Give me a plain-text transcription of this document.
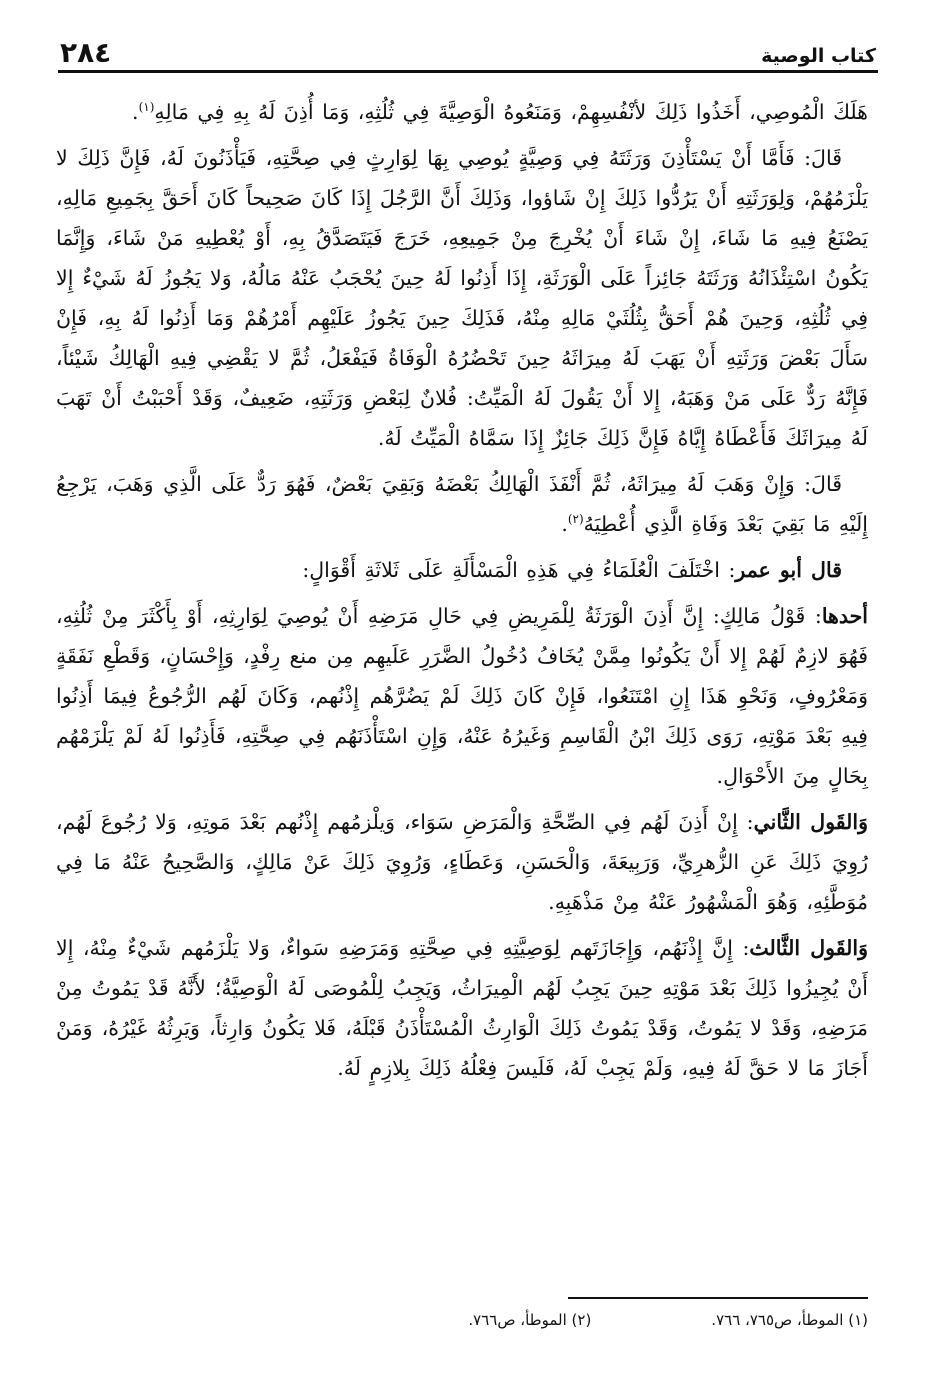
كتاب الوصية
٢٨٤

هَلَكَ الْمُوصِي، أَخَذُوا ذَلِكَ لأنْفُسِهِمْ، وَمَنَعُوهُ الْوَصِيَّةَ فِي ثُلُثِهِ، وَمَا أُذِنَ لَهُ بِهِ فِي مَالِهِ$^{(١)}$.

قَالَ: فَأَمَّا أَنْ يَسْتَأْذِنَ وَرَثَتَهُ فِي وَصِيَّةٍ يُوصِي بِهَا لِوَارِثٍ فِي صِحَّتِهِ، فَيَأْذَنُونَ لَهُ، فَإِنَّ ذَلِكَ لا يَلْزَمُهُمْ، وَلِوَرَثَتِهِ أَنْ يَرُدُّوا ذَلِكَ إِنْ شَاؤوا، وَذَلِكَ أَنَّ الرَّجُلَ إِذَا كَانَ صَحِيحاً كَانَ أَحَقَّ بِجَمِيعِ مَالِهِ، يَصْنَعُ فِيهِ مَا شَاءَ، إِنْ شَاءَ أَنْ يُخْرِجَ مِنْ جَمِيعِهِ، خَرَجَ فَيَتَصَدَّقُ بِهِ، أَوْ يُعْطِيهِ مَنْ شَاءَ، وَإِنَّمَا يَكُونُ اسْتِئْذَانُهُ وَرَثَتَهُ جَائِزاً عَلَى الْوَرَثَةِ، إِذَا أَذِنُوا لَهُ حِينَ يُحْجَبُ عَنْهُ مَالُهُ، وَلا يَجُوزُ لَهُ شَيْءٌ إِلا فِي ثُلُثِهِ، وَحِينَ هُمْ أَحَقُّ بِثُلُثَيْ مَالِهِ مِنْهُ، فَذَلِكَ حِينَ يَجُوزُ عَلَيْهِم أَمْرُهُمْ وَمَا أَذِنُوا لَهُ بِهِ، فَإِنْ سَأَلَ بَعْضَ وَرَثَتِهِ أَنْ يَهَبَ لَهُ مِيرَاثَهُ حِينَ تَحْضُرُهُ الْوَفَاةُ فَيَفْعَلُ، ثُمَّ لا يَقْضِي فِيهِ الْهَالِكُ شَيْئاً، فَإِنَّهُ رَدٌّ عَلَى مَنْ وَهَبَهُ، إِلا أَنْ يَقُولَ لَهُ الْمَيِّتُ: فُلانٌ لِبَعْضِ وَرَثَتِهِ، ضَعِيفٌ، وَقَدْ أَحْبَبْتُ أَنْ تَهَبَ لَهُ مِيرَاثَكَ فَأَعْطَاهُ إِيَّاهُ فَإِنَّ ذَلِكَ جَائِزٌ إِذَا سَمَّاهُ الْمَيِّتُ لَهُ.

قَالَ: وَإِنْ وَهَبَ لَهُ مِيرَاثَهُ، ثُمَّ أَنْفَذَ الْهَالِكُ بَعْضَهُ وَبَقِيَ بَعْضٌ، فَهُوَ رَدٌّ عَلَى الَّذِي وَهَبَ، يَرْجِعُ إِلَيْهِ مَا بَقِيَ بَعْدَ وَفَاةِ الَّذِي أُعْطِيَهُ$^{(٢)}$.

قال أبو عمر: اخْتَلَفَ الْعُلَمَاءُ فِي هَذِهِ الْمَسْأَلَةِ عَلَى ثَلاثَةِ أَقْوَالٍ:

أحدها: قَوْلُ مَالِكٍ: إِنَّ أَذِنَ الْوَرَثَةُ لِلْمَرِيضِ فِي حَالِ مَرَضِهِ أَنْ يُوصِيَ لِوَارِثِهِ، أَوْ بِأَكْثَرَ مِنْ ثُلُثِهِ، فَهُوَ لازِمٌ لَهُمْ إِلا أَنْ يَكُونُوا مِمَّنْ يُخَافُ دُخُولُ الضَّرَرِ عَلَيهِم مِن منع رِفْدٍ، وَإِحْسَانٍ، وَقَطْعِ نَفَقَةٍ وَمَعْرُوفٍ، وَنَحْوِ هَذَا إِنِ امْتَنَعُوا، فَإِنْ كَانَ ذَلِكَ لَمْ يَضُرَّهُم إِذْنُهم، وَكَانَ لَهُم الرُّجُوعُ فِيمَا أَذِنُوا فِيهِ بَعْدَ مَوْتِهِ، رَوَى ذَلِكَ ابْنُ الْقَاسِمِ وَغَيرُهُ عَنْهُ، وَإِنِ اسْتَأْذَنَهُم فِي صِحَّتِهِ، فَأَذِنُوا لَهُ لَمْ يَلْزَمْهُم بِحَالٍ مِنَ الأَحْوَالِ.

وَالقَول الثَّاني: إِنْ أَذِنَ لَهُم فِي الصِّحَّةِ وَالْمَرَضِ سَوَاء، وَيلْزمُهم إِذْنُهم بَعْدَ مَوتِهِ، وَلا رُجُوعَ لَهُم، رُوِيَ ذَلِكَ عَنِ الزُّهرِيِّ، وَرَبِيعَةَ، وَالْحَسَنِ، وَعَطَاءٍ، وَرُوِيَ ذَلِكَ عَنْ مَالِكٍ، وَالصَّحِيحُ عَنْهُ مَا فِي مُوَطَّئِهِ، وَهُوَ الْمَشْهُورُ عَنْهُ مِنْ مَذْهَبِهِ.

وَالقَول الثَّالث: إِنَّ إِذْنَهُم، وَإِجَازَتَهم لِوَصِيَّتِهِ فِي صِحَّتِهِ وَمَرَضِهِ سَواءٌ، وَلا يَلْزَمُهم شَيْءٌ مِنْهُ، إِلا أَنْ يُجِيزُوا ذَلِكَ بَعْدَ مَوْتِهِ حِينَ يَجِبُ لَهُم الْمِيرَاثُ، وَيَجِبُ لِلْمُوصَى لَهُ الْوَصِيَّةُ؛ لأَنَّهُ قَدْ يَمُوتُ مِنْ مَرَضِهِ، وَقَدْ لا يَمُوتُ، وَقَدْ يَمُوتُ ذَلِكَ الْوَارِثُ الْمُسْتَأْذَنُ قَبْلَهُ، فَلا يَكُونُ وَارِثاً، وَيَرِثُهُ غَيْرُهُ، وَمَنْ أَجَازَ مَا لا حَقَّ لَهُ فِيهِ، وَلَمْ يَجِبْ لَهُ، فَلَيسَ فِعْلُهُ ذَلِكَ بِلازِمٍ لَهُ.

(١) الموطأ، ص٧٦٥، ٧٦٦.
(٢) الموطأ، ص٧٦٦.
